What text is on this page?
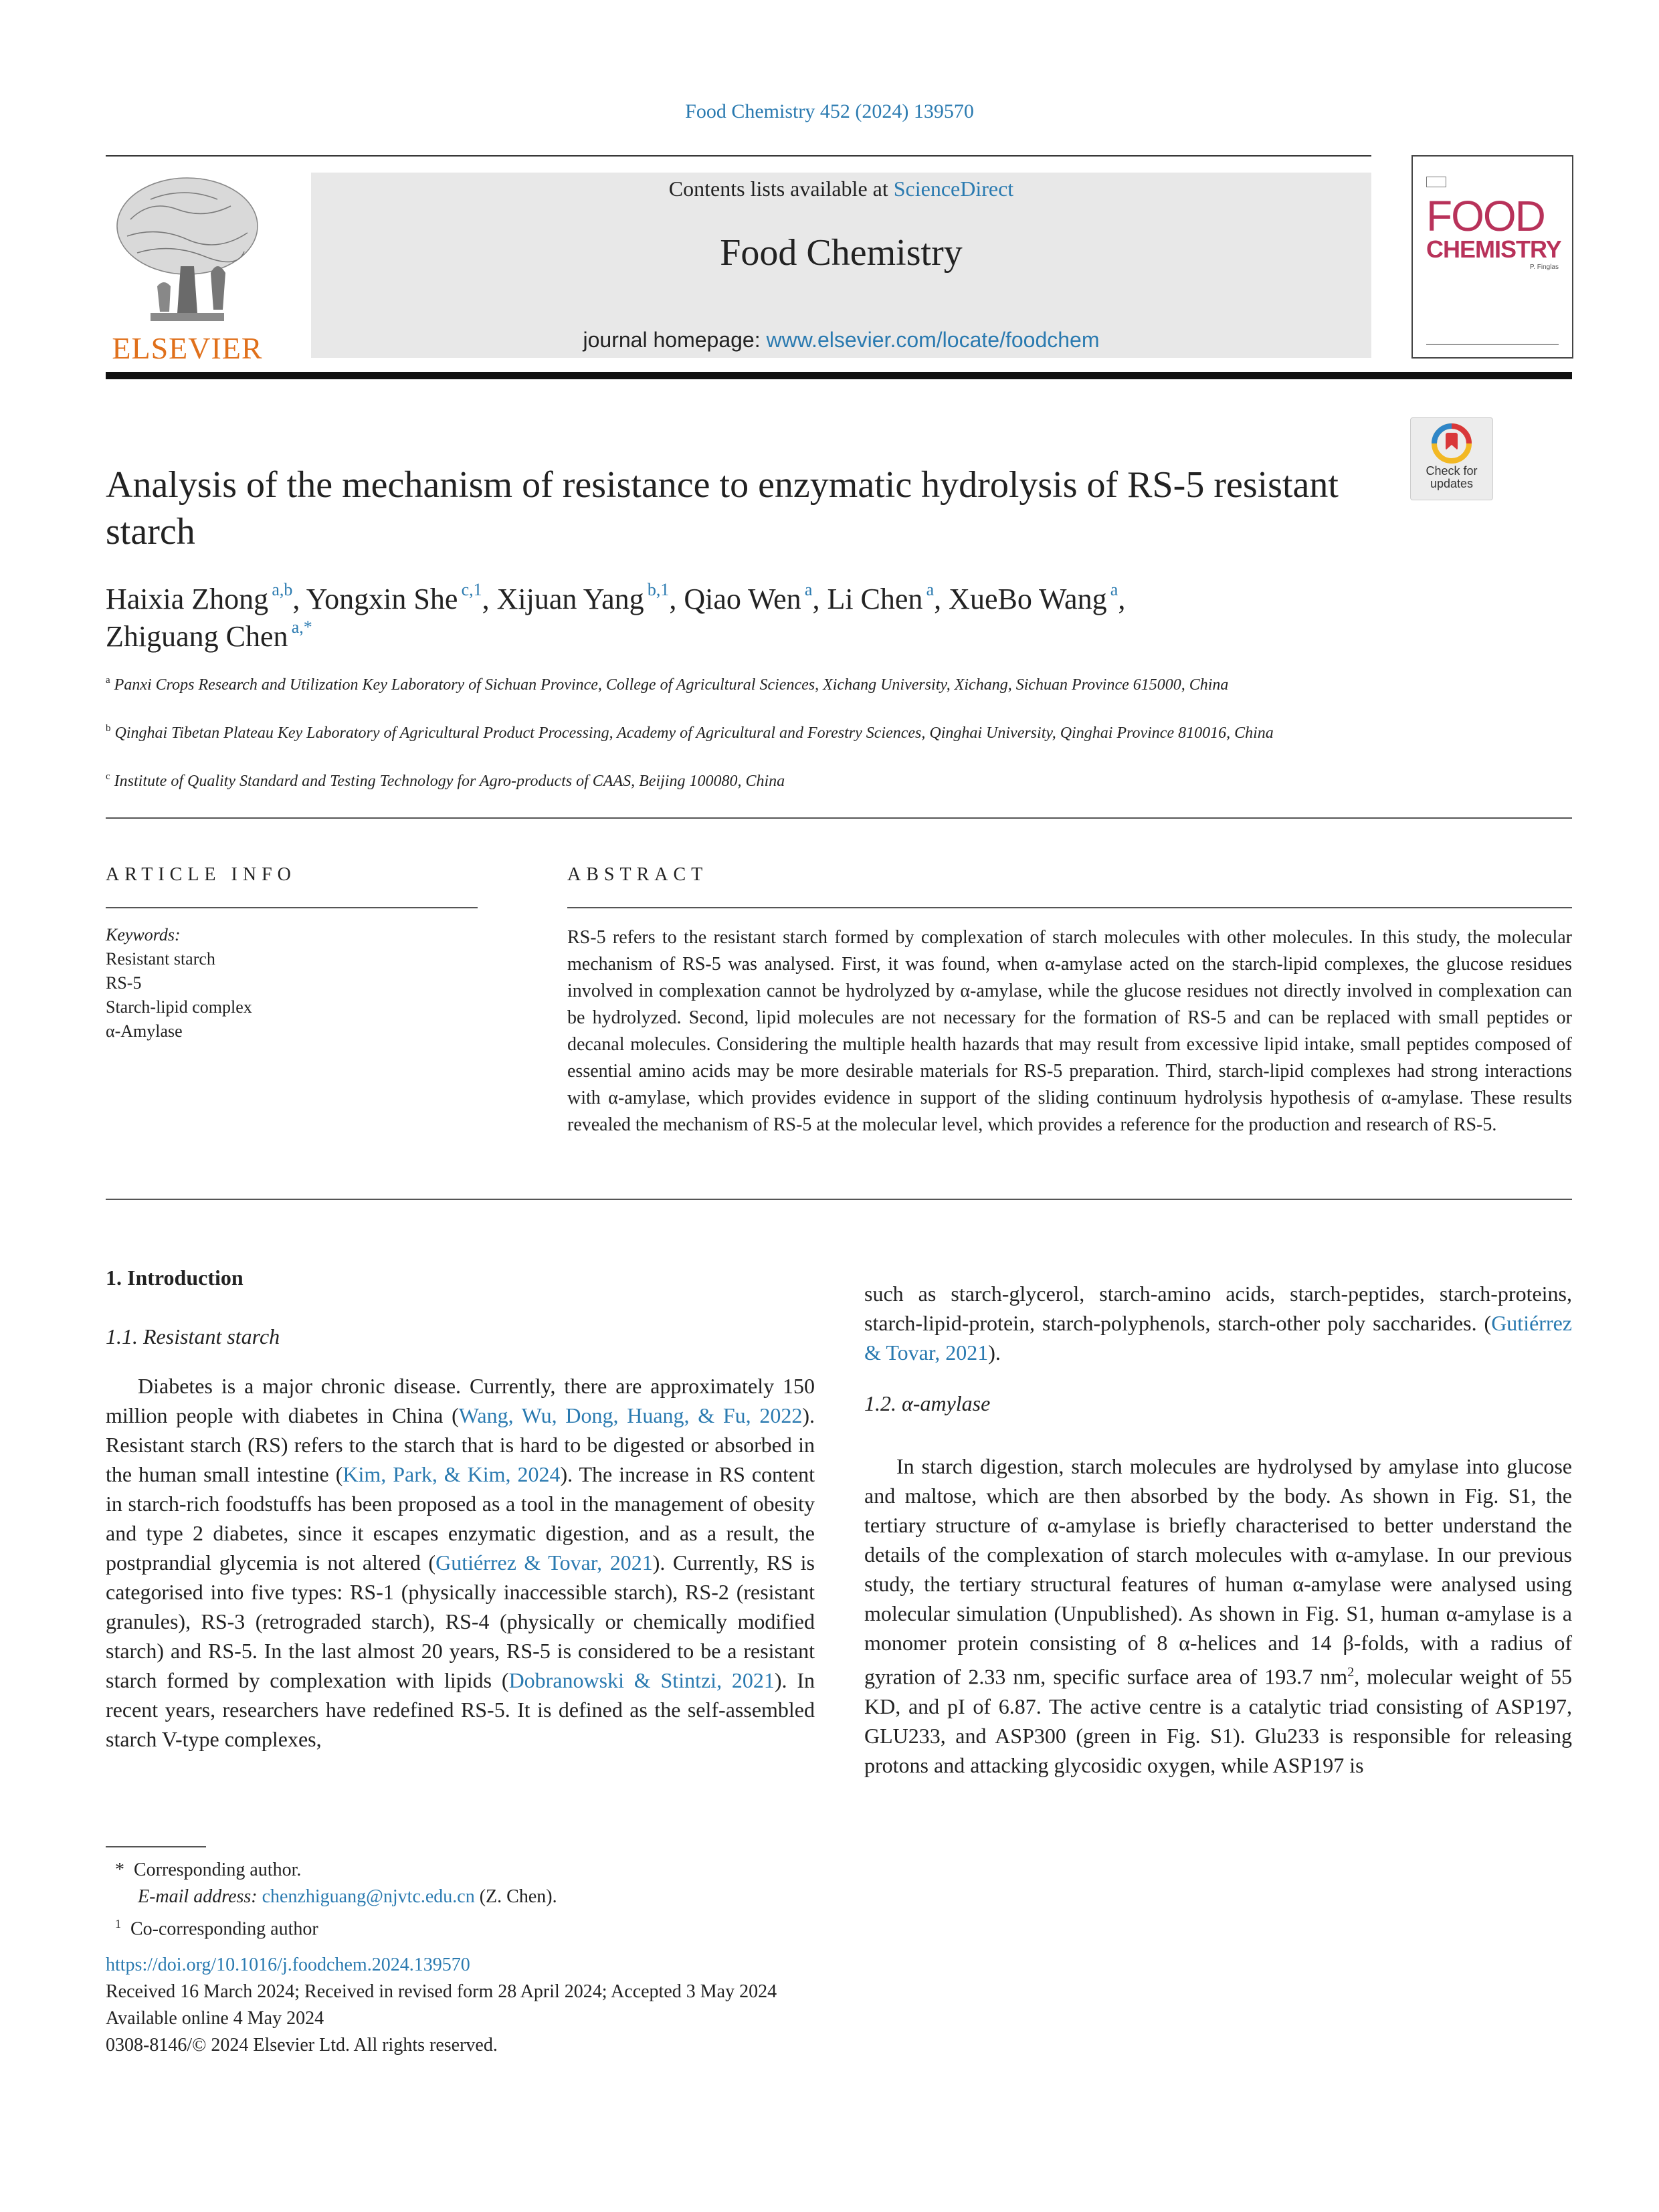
Food Chemistry 452 (2024) 139570
ELSEVIER
Contents lists available at ScienceDirect
Food Chemistry
journal homepage: www.elsevier.com/locate/foodchem
FOOD
CHEMISTRY
P. Finglas
Check for
updates
Analysis of the mechanism of resistance to enzymatic hydrolysis of RS-5 resistant starch
Haixia Zhong $^{a,b}$, Yongxin She $^{c,1}$, Xijuan Yang $^{b,1}$, Qiao Wen $^a$, Li Chen $^a$, XueBo Wang $^a$,
Zhiguang Chen $^{a,*}$
$^a$ Panxi Crops Research and Utilization Key Laboratory of Sichuan Province, College of Agricultural Sciences, Xichang University, Xichang, Sichuan Province 615000, China
$^b$ Qinghai Tibetan Plateau Key Laboratory of Agricultural Product Processing, Academy of Agricultural and Forestry Sciences, Qinghai University, Qinghai Province 810016, China
$^c$ Institute of Quality Standard and Testing Technology for Agro-products of CAAS, Beijing 100080, China
ARTICLE INFO
Keywords:
Resistant starch
RS-5
Starch-lipid complex
α-Amylase
ABSTRACT
RS-5 refers to the resistant starch formed by complexation of starch molecules with other molecules. In this study, the molecular mechanism of RS-5 was analysed. First, it was found, when α-amylase acted on the starch-lipid complexes, the glucose residues involved in complexation cannot be hydrolyzed by α-amylase, while the glucose residues not directly involved in complexation can be hydrolyzed. Second, lipid molecules are not necessary for the formation of RS-5 and can be replaced with small peptides or decanal molecules. Considering the multiple health hazards that may result from excessive lipid intake, small peptides composed of essential amino acids may be more desirable materials for RS-5 preparation. Third, starch-lipid complexes had strong interactions with α-amylase, which provides evidence in support of the sliding continuum hydrolysis hypothesis of α-amylase. These results revealed the mechanism of RS-5 at the molecular level, which provides a reference for the production and research of RS-5.
1. Introduction
1.1. Resistant starch
1.2. α-amylase

Diabetes is a major chronic disease. Currently, there are approximately 150 million people with diabetes in China (Wang, Wu, Dong, Huang, & Fu, 2022). Resistant starch (RS) refers to the starch that is hard to be digested or absorbed in the human small intestine (Kim, Park, & Kim, 2024). The increase in RS content in starch-rich foodstuffs has been proposed as a tool in the management of obesity and type 2 diabetes, since it escapes enzymatic digestion, and as a result, the postprandial glycemia is not altered (Gutiérrez & Tovar, 2021). Currently, RS is categorised into five types: RS-1 (physically inaccessible starch), RS-2 (resistant granules), RS-3 (retrograded starch), RS-4 (physically or chemically modified starch) and RS-5. In the last almost 20 years, RS-5 is considered to be a resistant starch formed by complexation with lipids (Dobranowski & Stintzi, 2021). In recent years, researchers have redefined RS-5. It is defined as the self-assembled starch V-type complexes,

such as starch-glycerol, starch-amino acids, starch-peptides, starch-proteins, starch-lipid-protein, starch-polyphenols, starch-other poly saccharides. (Gutiérrez & Tovar, 2021).

In starch digestion, starch molecules are hydrolysed by amylase into glucose and maltose, which are then absorbed by the body. As shown in Fig. S1, the tertiary structure of α-amylase is briefly characterised to better understand the details of the complexation of starch molecules with α-amylase. In our previous study, the tertiary structural features of human α-amylase were analysed using molecular simulation (Unpublished). As shown in Fig. S1, human α-amylase is a monomer protein consisting of 8 α-helices and 14 β-folds, with a radius of gyration of 2.33 nm, specific surface area of 193.7 $nm^2$, molecular weight of 55 KD, and pI of 6.87. The active centre is a catalytic triad consisting of ASP197, GLU233, and ASP300 (green in Fig. S1). Glu233 is responsible for releasing protons and attacking glycosidic oxygen, while ASP197 is

* Corresponding author.
E-mail address: chenzhiguang@njvtc.edu.cn (Z. Chen).
$^1$ Co-corresponding author
https://doi.org/10.1016/j.foodchem.2024.139570
Received 16 March 2024; Received in revised form 28 April 2024; Accepted 3 May 2024
Available online 4 May 2024
0308-8146/© 2024 Elsevier Ltd. All rights reserved.
